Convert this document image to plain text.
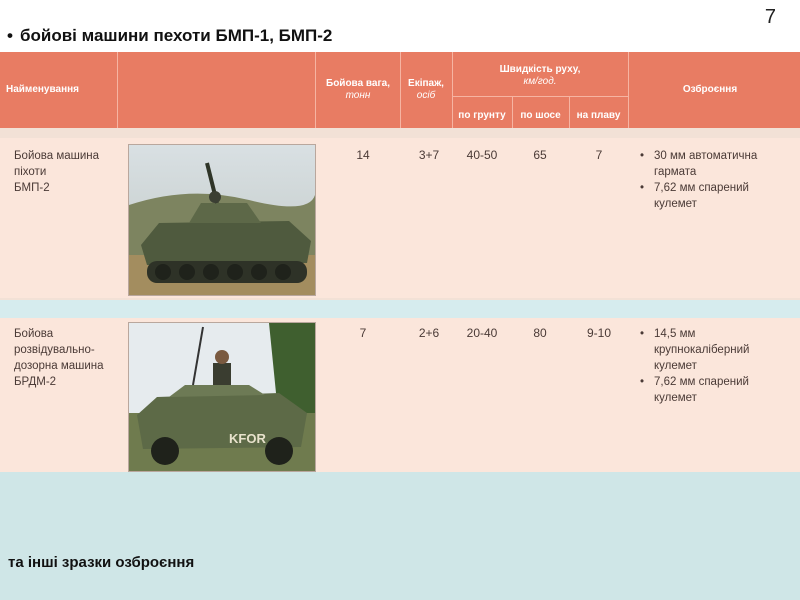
7
• бойові машини пехоти БМП-1, БМП-2
Найменування
Бойова вага,
тонн
Екіпаж,
осіб
Швидкість руху,
км/год.
по грунту	по шосе	на плаву
Озброєння
Бойова машина
піхоти
БМП-2
14	3+7	40-50	65	7	• 30 мм автоматична гармата
• 7,62 мм спарений кулемет
Бойова
розвідувально-
дозорна машина
БРДМ-2
KFOR
7	2+6	20-40	80	9-10	• 14,5 мм крупнокаліберний кулемет
• 7,62 мм спарений кулемет
та інші зразки озброєння
